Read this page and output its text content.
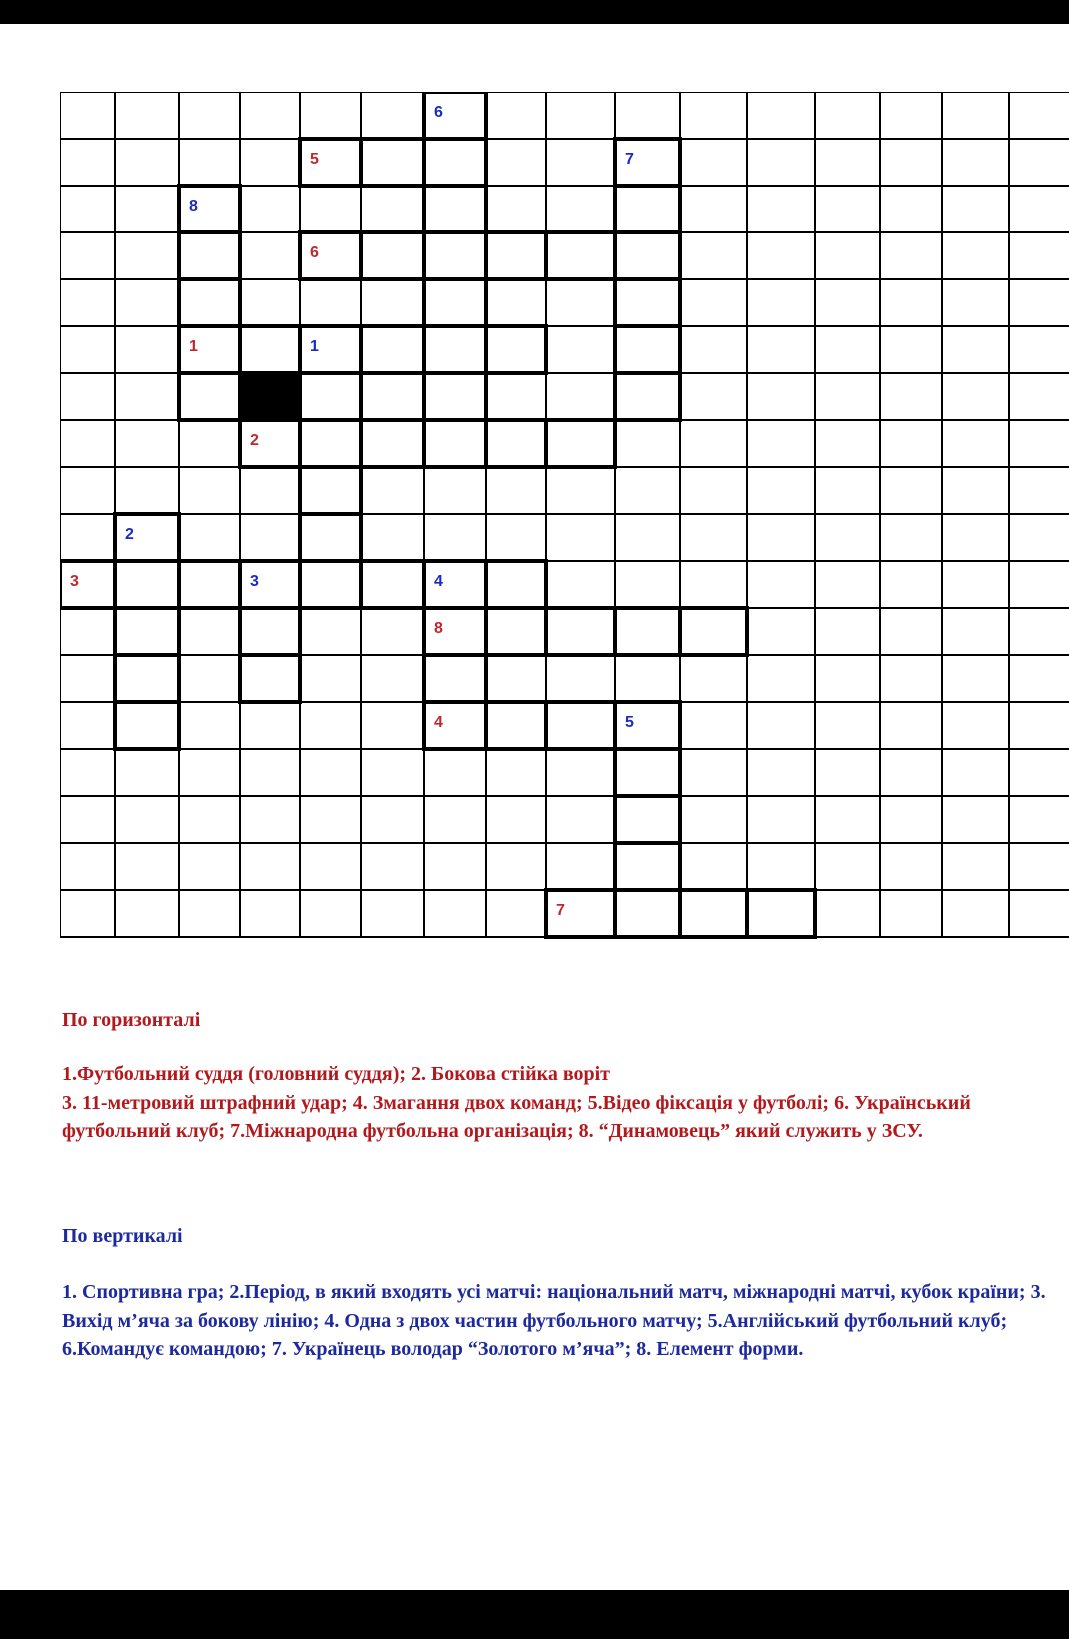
1
2
3
4
5
6
7
8
1
2
3	4
5
6
7
8

По горизонталі

1.Футбольний суддя (головний суддя); 2. Бокова стійка воріт
3. 11-метровий штрафний удар; 4. Змагання двох команд; 5.Відео фіксація у футболі; 6. Український футбольний клуб; 7.Міжнародна футбольна організація; 8. “Динамовець” який служить у ЗСУ.

По вертикалі

1. Спортивна гра; 2.Період, в який входять усі матчі: національний матч, міжнародні матчі, кубок країни; 3. Вихід м’яча за бокову лінію; 4. Одна з двох частин футбольного матчу; 5.Англійський футбольний клуб; 6.Командує командою; 7. Українець володар “Золотого м’яча”; 8. Елемент форми.
